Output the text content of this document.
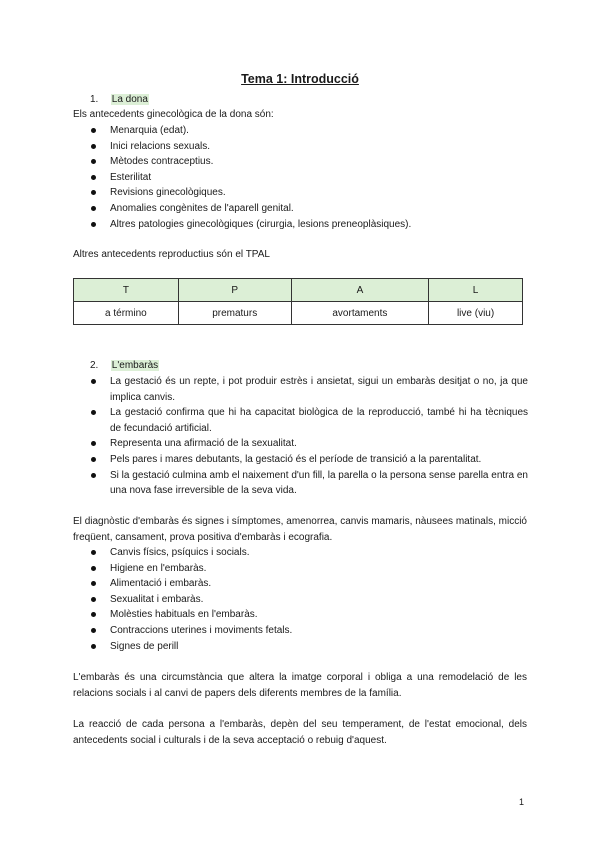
Tema 1: Introducció
1. La dona
Els antecedents ginecològica de la dona són:
Menarquia (edat).
Inici relacions sexuals.
Mètodes contraceptius.
Esterilitat
Revisions ginecològiques.
Anomalies congènites de l'aparell genital.
Altres patologies ginecològiques (cirurgia, lesions preneoplàsiques).
Altres antecedents reproductius són el TPAL
T	P	A	L
a término	prematurs	avortaments	live (viu)
2. L'embaràs
La gestació és un repte, i pot produir estrès i ansietat, sigui un embaràs desitjat o no, ja que implica canvis.
La gestació confirma que hi ha capacitat biològica de la reproducció, també hi ha tècniques de fecundació artificial.
Representa una afirmació de la sexualitat.
Pels pares i mares debutants, la gestació és el període de transició a la parentalitat.
Si la gestació culmina amb el naixement d'un fill, la parella o la persona sense parella entra en una nova fase irreversible de la seva vida.
El diagnòstic d'embaràs és signes i símptomes, amenorrea, canvis mamaris, nàusees matinals, micció freqüent, cansament, prova positiva d'embaràs i ecografia.
Canvis físics, psíquics i socials.
Higiene en l'embaràs.
Alimentació i embaràs.
Sexualitat i embaràs.
Molèsties habituals en l'embaràs.
Contraccions uterines i moviments fetals.
Signes de perill
L'embaràs és una circumstància que altera la imatge corporal i obliga a una remodelació de les relacions socials i al canvi de papers dels diferents membres de la família.
La reacció de cada persona a l'embaràs, depèn del seu temperament, de l'estat emocional, dels antecedents social i culturals i de la seva acceptació o rebuig d'aquest.
1
